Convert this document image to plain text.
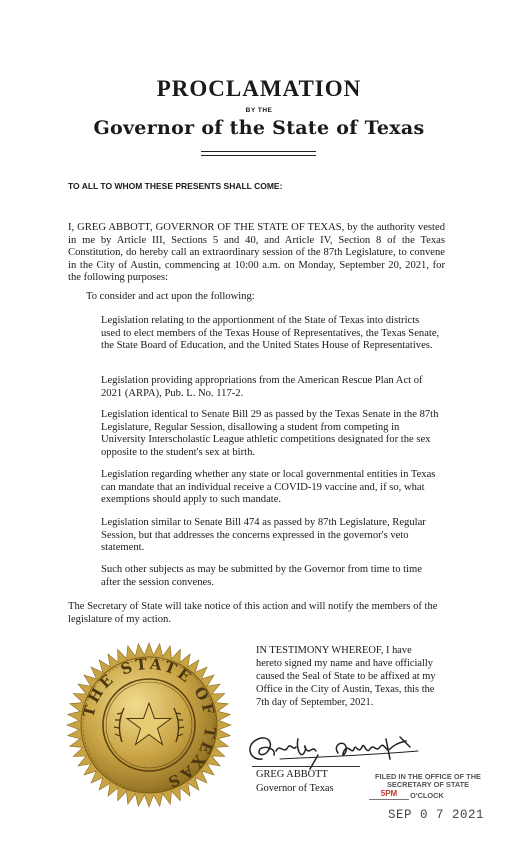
PROCLAMATION
BY THE
Governor of the State of Texas
TO ALL TO WHOM THESE PRESENTS SHALL COME:

I, GREG ABBOTT, GOVERNOR OF THE STATE OF TEXAS, by the authority vested in me by Article III, Sections 5 and 40, and Article IV, Section 8 of the Texas Constitution, do hereby call an extraordinary session of the 87th Legislature, to convene in the City of Austin, commencing at 10:00 a.m. on Monday, September 20, 2021, for the following purposes:

To consider and act upon the following:

Legislation relating to the apportionment of the State of Texas into districts used to elect members of the Texas House of Representatives, the Texas Senate, the State Board of Education, and the United States House of Representatives.

Legislation providing appropriations from the American Rescue Plan Act of 2021 (ARPA), Pub. L. No. 117-2.

Legislation identical to Senate Bill 29 as passed by the Texas Senate in the 87th Legislature, Regular Session, disallowing a student from competing in University Interscholastic League athletic competitions designated for the sex opposite to the student's sex at birth.

Legislation regarding whether any state or local governmental entities in Texas can mandate that an individual receive a COVID-19 vaccine and, if so, what exemptions should apply to such mandate.

Legislation similar to Senate Bill 474 as passed by 87th Legislature, Regular Session, but that addresses the concerns expressed in the governor's veto statement.

Such other subjects as may be submitted by the Governor from time to time after the session convenes.

The Secretary of State will take notice of this action and will notify the members of the legislature of my action.

THE STATE OF TEXAS

IN TESTIMONY WHEREOF, I have hereto signed my name and have officially caused the Seal of State to be affixed at my Office in the City of Austin, Texas, this the 7th day of September, 2021.

GREG ABBOTT
Governor of Texas
FILED IN THE OFFICE OF THE
SECRETARY OF STATE
5PM	O'CLOCK
SEP 0 7 2021
